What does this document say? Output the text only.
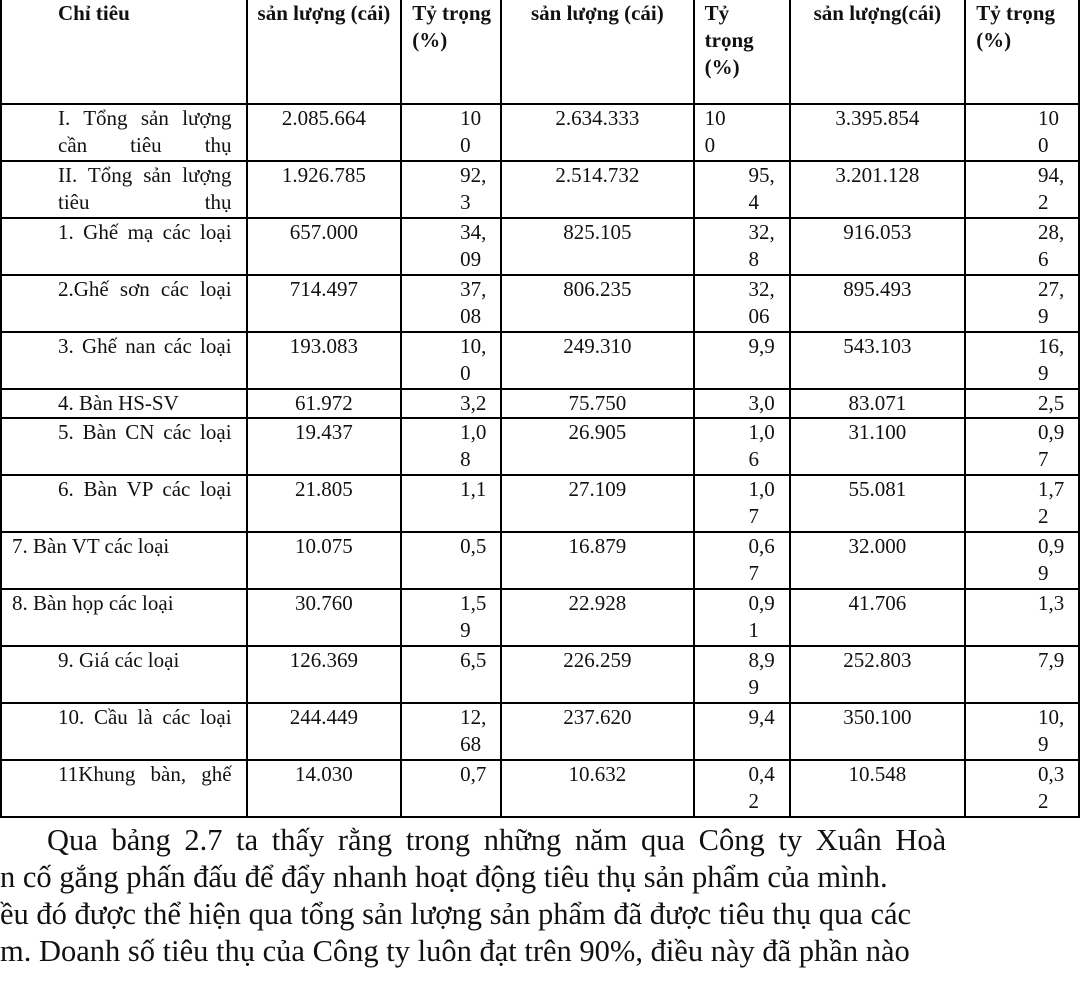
Chỉ tiêu	sản lượng (cái)	Tỷ trọng (%)	sản lượng (cái)	Tỷ trọng (%)	sản lượng(cái)	Tỷ trọng (%)
I. Tổng sản lượng cần tiêu thụ	2.085.664	100	2.634.333	100	3.395.854	100
II. Tổng sản lượng tiêu thụ	1.926.785	92,3	2.514.732	95,4	3.201.128	94,2
1. Ghế mạ các loại	657.000	34,09	825.105	32,8	916.053	28,6
2.Ghế sơn các loại	714.497	37,08	806.235	32,06	895.493	27,9
3. Ghế nan các loại	193.083	10,0	249.310	9,9	543.103	16,9
4. Bàn HS-SV	61.972	3,2	75.750	3,0	83.071	2,5
5. Bàn CN các loại	19.437	1,08	26.905	1,06	31.100	0,97
6. Bàn VP các loại	21.805	1,1	27.109	1,07	55.081	1,72
7. Bàn VT các loại	10.075	0,5	16.879	0,67	32.000	0,99
8. Bàn họp các loại	30.760	1,59	22.928	0,91	41.706	1,3
9. Giá các loại	126.369	6,5	226.259	8,99	252.803	7,9
10. Cầu là các loại	244.449	12,68	237.620	9,4	350.100	10,9
11Khung bàn, ghế	14.030	0,7	10.632	0,42	10.548	0,32
Qua bảng 2.7 ta thấy rằng trong những năm qua Công ty Xuân Hoà
n cố gắng phấn đấu để đẩy nhanh hoạt động tiêu thụ sản phẩm của mình.
ều đó được thể hiện qua tổng sản lượng sản phẩm đã được tiêu thụ qua các
m. Doanh số tiêu thụ của Công ty luôn đạt trên 90%, điều này đã phần nào
